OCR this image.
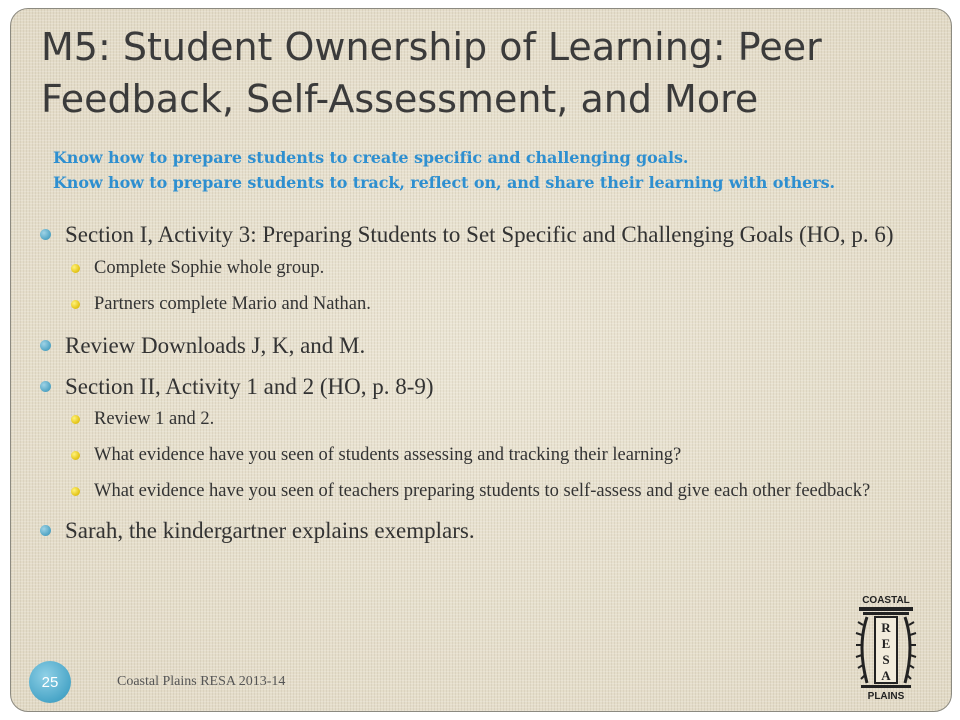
M5: Student Ownership of Learning: Peer Feedback, Self-Assessment, and More
Know how to prepare students to create specific and challenging goals.
Know how to prepare students to track, reflect on, and share their learning with others.
Section I, Activity 3: Preparing Students to Set Specific and Challenging Goals (HO, p. 6)
Complete Sophie whole group.
Partners complete Mario and Nathan.
Review Downloads J, K, and M.
Section II, Activity 1 and 2 (HO, p. 8-9)
Review 1 and 2.
What evidence have you seen of students assessing and tracking their learning?
What evidence have you seen of teachers preparing students to self-assess and give each other feedback?
Sarah, the kindergartner explains exemplars.
25	Coastal Plains RESA 2013-14
COASTAL
R
E
S
A
PLAINS
